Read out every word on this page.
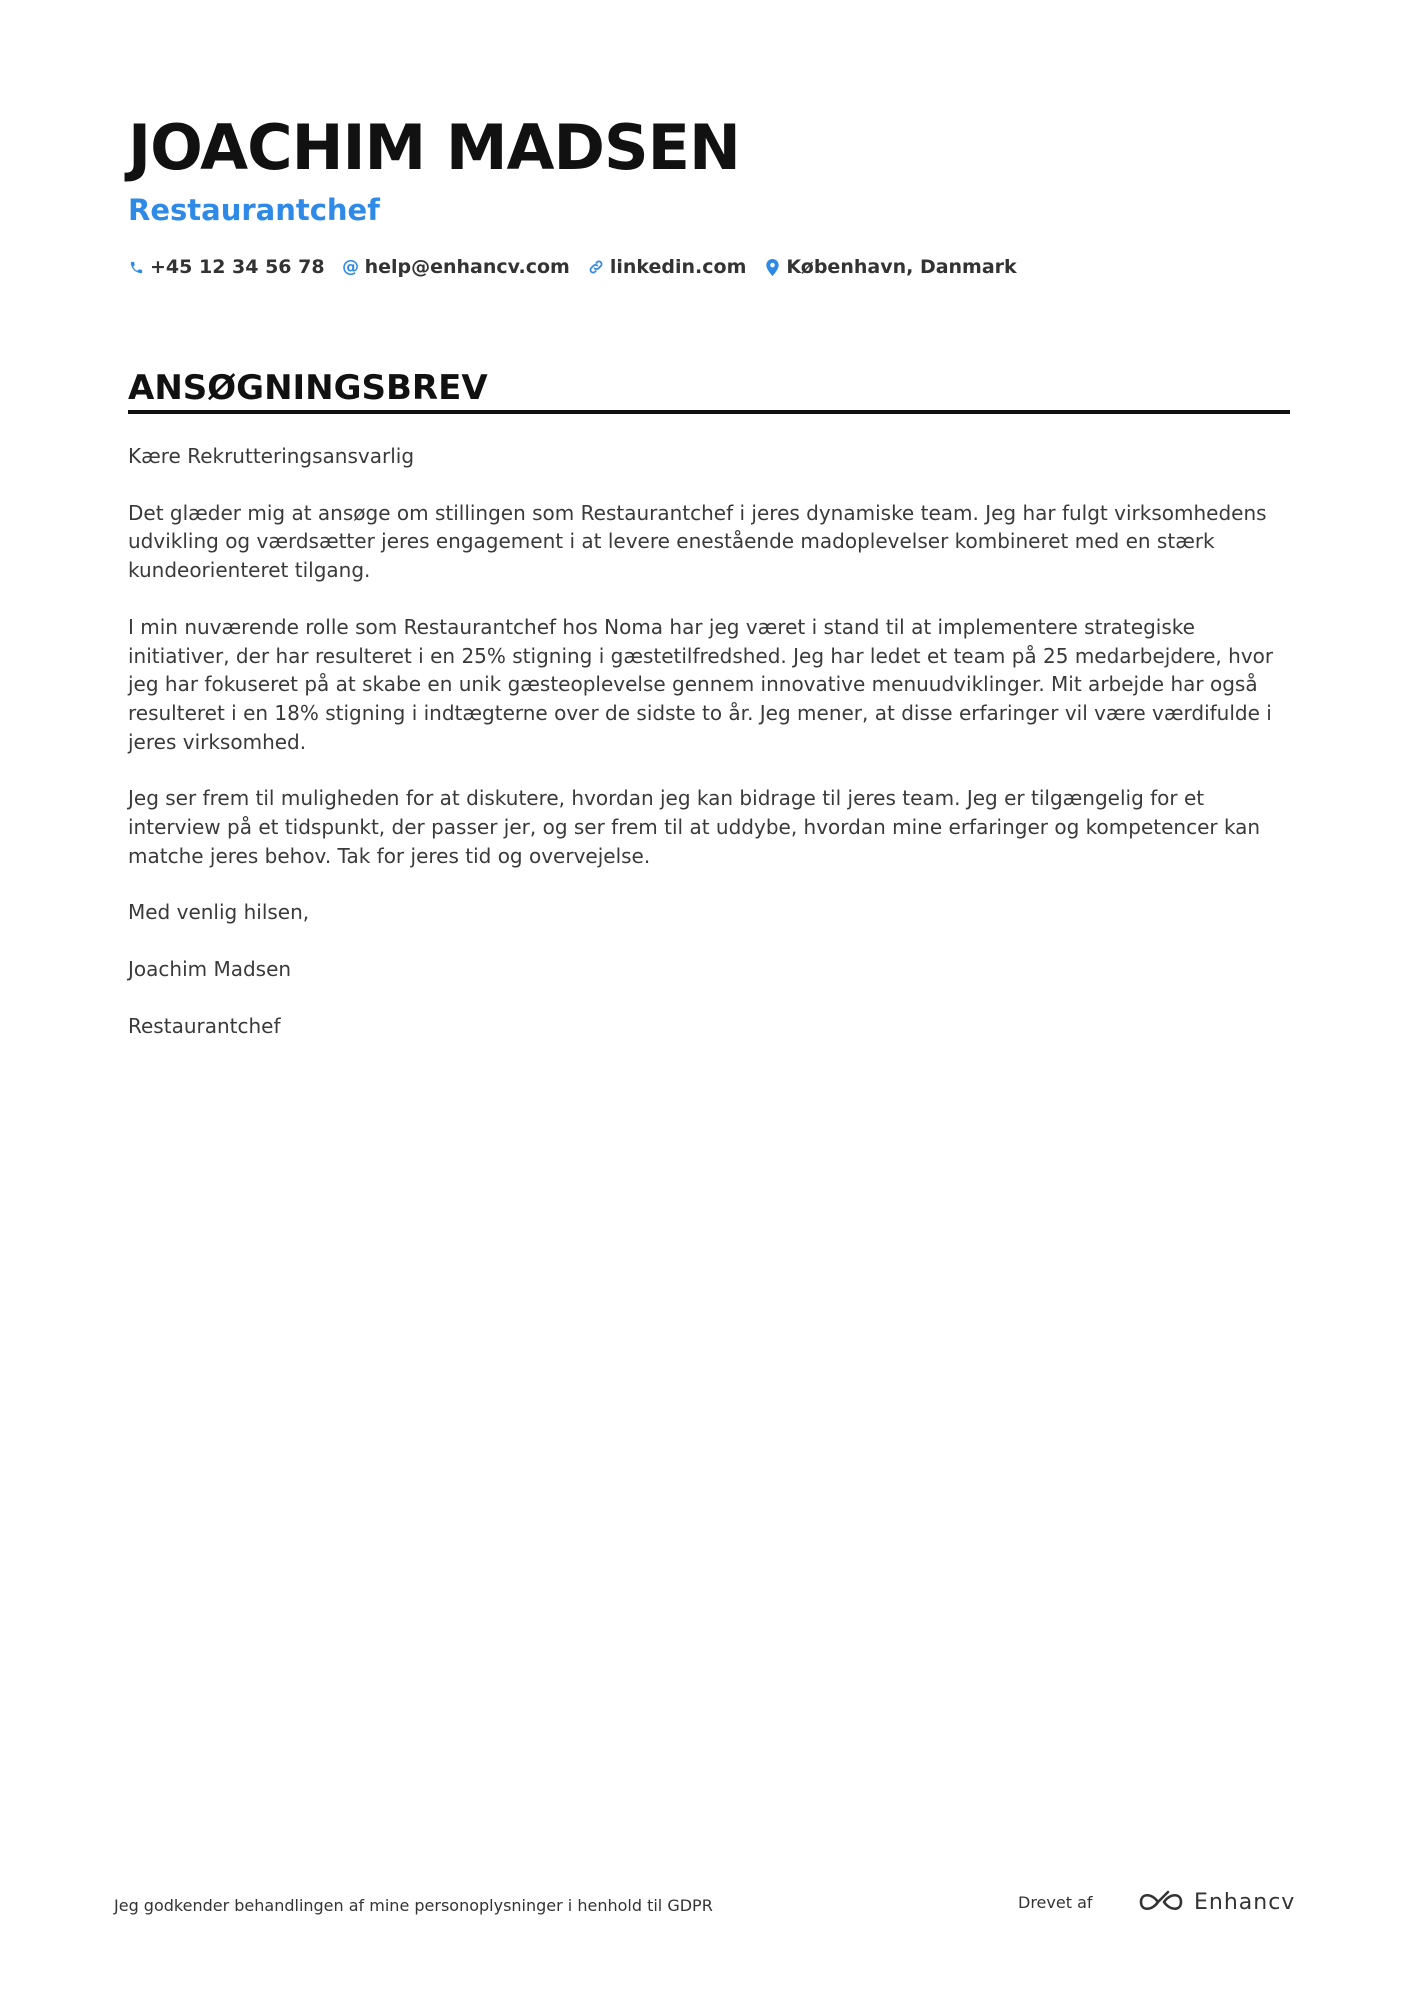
JOACHIM MADSEN
Restaurantchef
+45 12 34 56 78 @ help@enhancv.com linkedin.com København, Danmark
ANSØGNINGSBREV

Kære Rekrutteringsansvarlig

Det glæder mig at ansøge om stillingen som Restaurantchef i jeres dynamiske team. Jeg har fulgt virksomhedens udvikling og værdsætter jeres engagement i at levere enestående madoplevelser kombineret med en stærk kundeorienteret tilgang.

I min nuværende rolle som Restaurantchef hos Noma har jeg været i stand til at implementere strategiske initiativer, der har resulteret i en 25% stigning i gæstetilfredshed. Jeg har ledet et team på 25 medarbejdere, hvor jeg har fokuseret på at skabe en unik gæsteoplevelse gennem innovative menuudviklinger. Mit arbejde har også resulteret i en 18% stigning i indtægterne over de sidste to år. Jeg mener, at disse erfaringer vil være værdifulde i jeres virksomhed.

Jeg ser frem til muligheden for at diskutere, hvordan jeg kan bidrage til jeres team. Jeg er tilgængelig for et interview på et tidspunkt, der passer jer, og ser frem til at uddybe, hvordan mine erfaringer og kompetencer kan matche jeres behov. Tak for jeres tid og overvejelse.

Med venlig hilsen,

Joachim Madsen

Restaurantchef

Jeg godkender behandlingen af mine personoplysninger i henhold til GDPR	Drevet af	Enhancv
